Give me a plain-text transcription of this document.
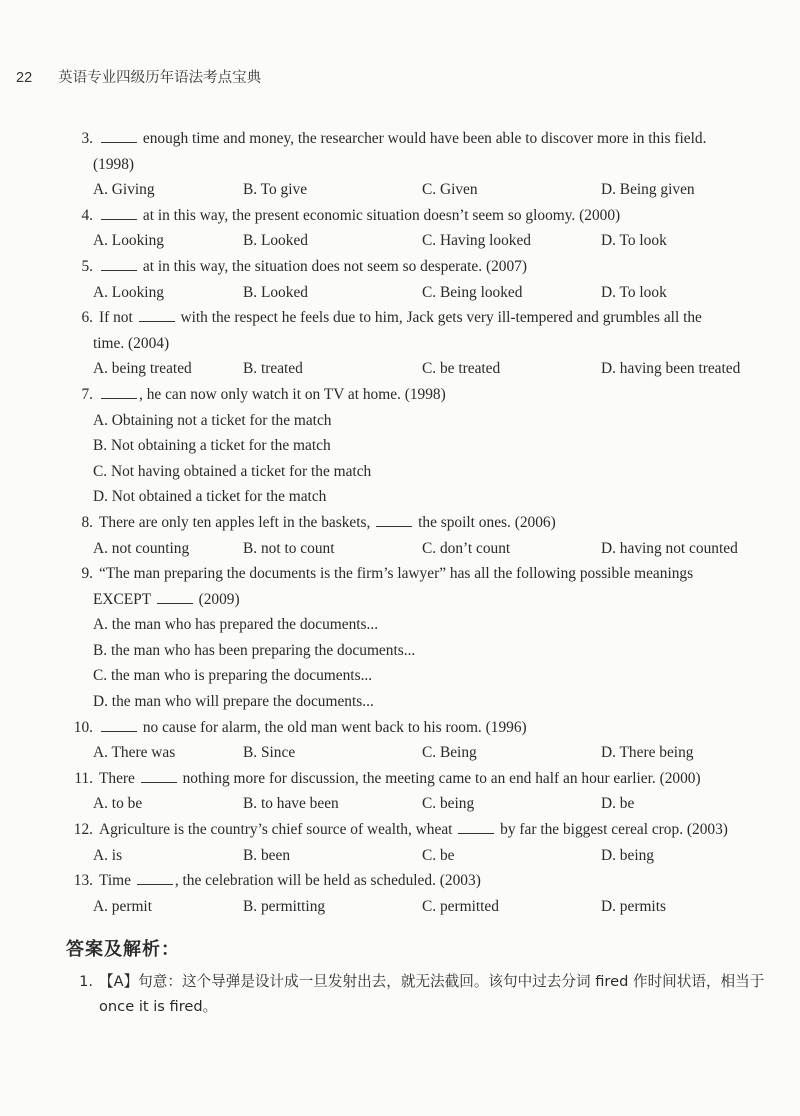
22 英语专业四级历年语法考点宝典
3.	enough time and money, the researcher would have been able to discover more in this field.
(1998)
A. Giving	B. To give	C. Given	D. Being given
4.	at in this way, the present economic situation doesn’t seem so gloomy. (2000)
A. Looking	B. Looked	C. Having looked	D. To look
5.	at in this way, the situation does not seem so desperate. (2007)
A. Looking	B. Looked	C. Being looked	D. To look
6. If not	with the respect he feels due to him, Jack gets very ill-tempered and grumbles all the
time. (2004)
A. being treated	B. treated	C. be treated	D. having been treated
7.	, he can now only watch it on TV at home. (1998)
A. Obtaining not a ticket for the match
B. Not obtaining a ticket for the match
C. Not having obtained a ticket for the match
D. Not obtained a ticket for the match
8. There are only ten apples left in the baskets,	the spoilt ones. (2006)
A. not counting	B. not to count	C. don’t count	D. having not counted
9. “The man preparing the documents is the firm’s lawyer” has all the following possible meanings
EXCEPT	(2009)
A. the man who has prepared the documents...
B. the man who has been preparing the documents...
C. the man who is preparing the documents...
D. the man who will prepare the documents...
10.	no cause for alarm, the old man went back to his room. (1996)
A. There was	B. Since	C. Being	D. There being
11. There	nothing more for discussion, the meeting came to an end half an hour earlier. (2000)
A. to be	B. to have been	C. being	D. be
12. Agriculture is the country’s chief source of wealth, wheat	by far the biggest cereal crop. (2003)
A. is	B. been	C. be	D. being
13. Time	, the celebration will be held as scheduled. (2003)
A. permit	B. permitting	C. permitted	D. permits
答案及解析：
1. 【A】句意：这个导弹是设计成一旦发射出去，就无法截回。该句中过去分词 fired 作时间状语，相当于 once it is fired。
